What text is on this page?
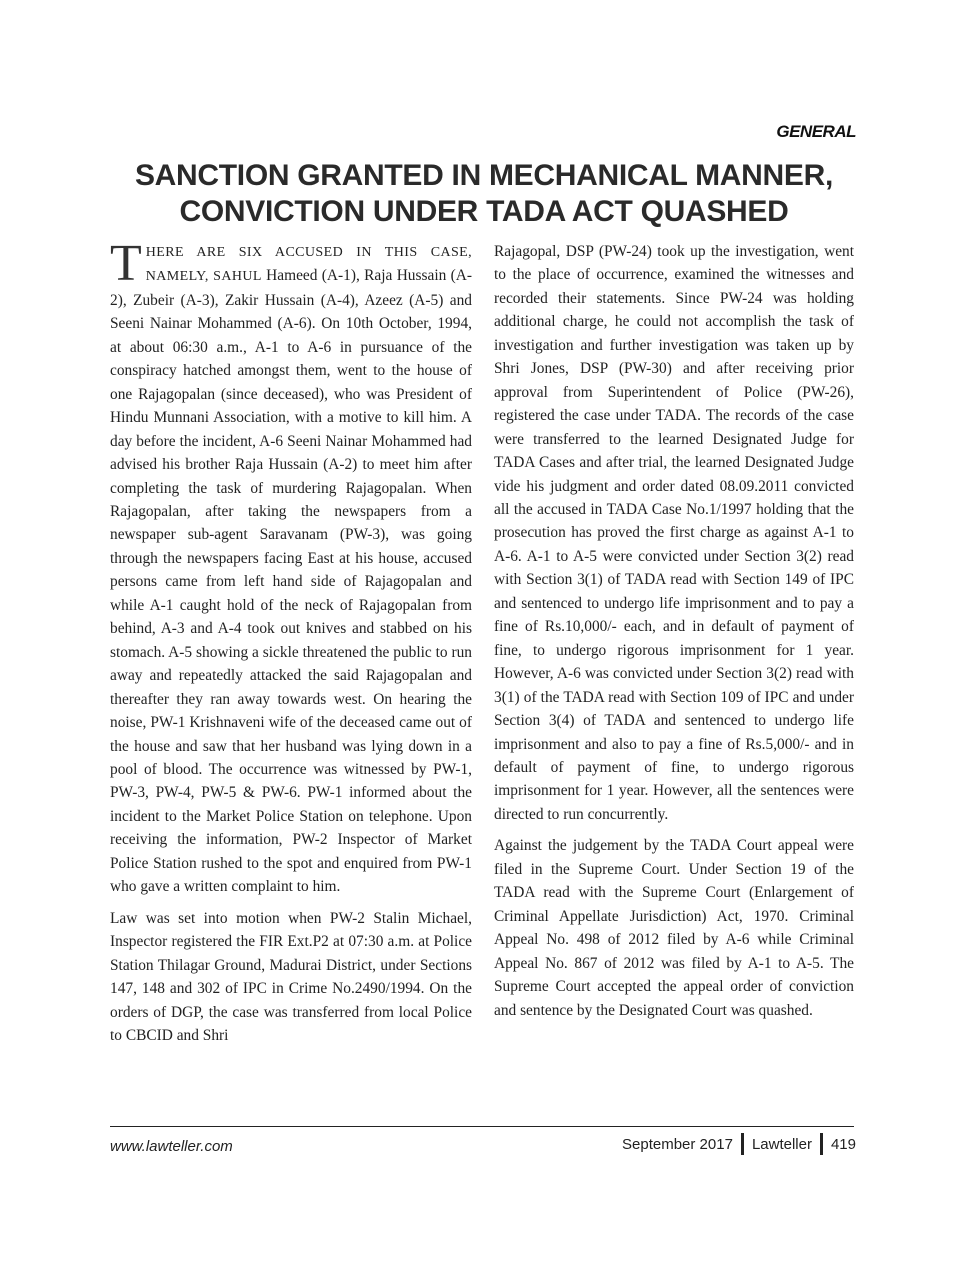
GENERAL
SANCTION GRANTED IN MECHANICAL MANNER,
CONVICTION UNDER TADA ACT QUASHED

THERE ARE SIX ACCUSED IN THIS CASE, NAMELY, SAHUL Hameed (A-1), Raja Hussain (A-2), Zubeir (A-3), Zakir Hussain (A-4), Azeez (A-5) and Seeni Nainar Mohammed (A-6). On 10th October, 1994, at about 06:30 a.m., A-1 to A-6 in pursuance of the conspiracy hatched amongst them, went to the house of one Rajagopalan (since deceased), who was President of Hindu Munnani Association, with a motive to kill him. A day before the incident, A-6 Seeni Nainar Mohammed had advised his brother Raja Hussain (A-2) to meet him after completing the task of murdering Rajagopalan. When Rajagopalan, after taking the newspapers from a newspaper sub-agent Saravanam (PW-3), was going through the newspapers facing East at his house, accused persons came from left hand side of Rajagopalan and while A-1 caught hold of the neck of Rajagopalan from behind, A-3 and A-4 took out knives and stabbed on his stomach. A-5 showing a sickle threatened the public to run away and repeatedly attacked the said Rajagopalan and thereafter they ran away towards west. On hearing the noise, PW-1 Krishnaveni wife of the deceased came out of the house and saw that her husband was lying down in a pool of blood. The occurrence was witnessed by PW-1, PW-3, PW-4, PW-5 & PW-6. PW-1 informed about the incident to the Market Police Station on telephone. Upon receiving the information, PW-2 Inspector of Market Police Station rushed to the spot and enquired from PW-1 who gave a written complaint to him.

Law was set into motion when PW-2 Stalin Michael, Inspector registered the FIR Ext.P2 at 07:30 a.m. at Police Station Thilagar Ground, Madurai District, under Sections 147, 148 and 302 of IPC in Crime No.2490/1994. On the orders of DGP, the case was transferred from local Police to CBCID and Shri

Rajagopal, DSP (PW-24) took up the investigation, went to the place of occurrence, examined the witnesses and recorded their statements. Since PW-24 was holding additional charge, he could not accomplish the task of investigation and further investigation was taken up by Shri Jones, DSP (PW-30) and after receiving prior approval from Superintendent of Police (PW-26), registered the case under TADA. The records of the case were transferred to the learned Designated Judge for TADA Cases and after trial, the learned Designated Judge vide his judgment and order dated 08.09.2011 convicted all the accused in TADA Case No.1/1997 holding that the prosecution has proved the first charge as against A-1 to A-6. A-1 to A-5 were convicted under Section 3(2) read with Section 3(1) of TADA read with Section 149 of IPC and sentenced to undergo life imprisonment and to pay a fine of Rs.10,000/- each, and in default of payment of fine, to undergo rigorous imprisonment for 1 year. However, A-6 was convicted under Section 3(2) read with 3(1) of the TADA read with Section 109 of IPC and under Section 3(4) of TADA and sentenced to undergo life imprisonment and also to pay a fine of Rs.5,000/- and in default of payment of fine, to undergo rigorous imprisonment for 1 year. However, all the sentences were directed to run concurrently.

Against the judgement by the TADA Court appeal were filed in the Supreme Court. Under Section 19 of the TADA read with the Supreme Court (Enlargement of Criminal Appellate Jurisdiction) Act, 1970. Criminal Appeal No. 498 of 2012 filed by A-6 while Criminal Appeal No. 867 of 2012 was filed by A-1 to A-5. The Supreme Court accepted the appeal order of conviction and sentence by the Designated Court was quashed.

www.lawteller.com	September 2017 Lawteller 419
